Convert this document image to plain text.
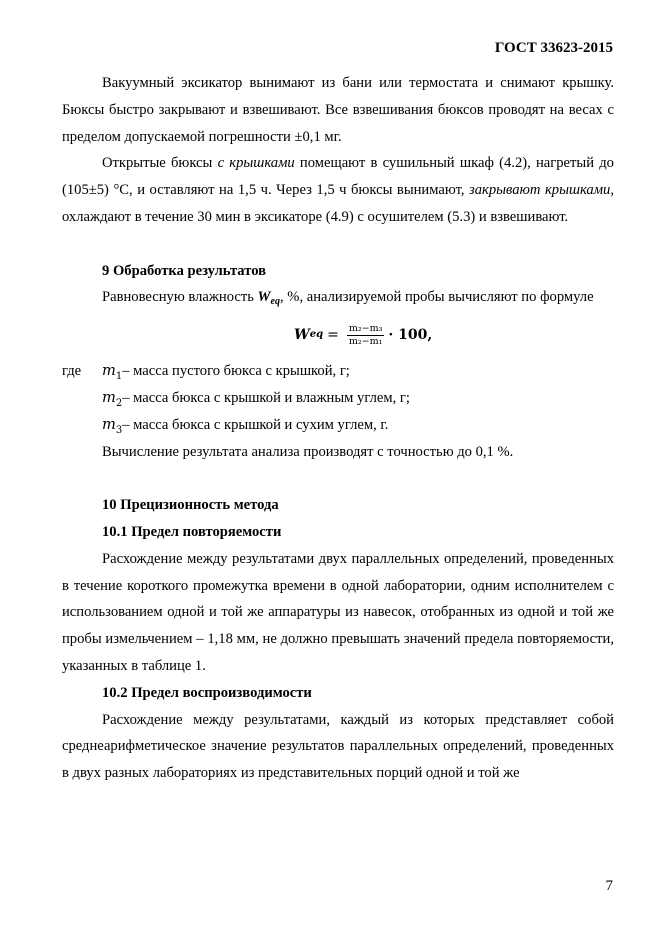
ГОСТ 33623-2015

Вакуумный эксикатор вынимают из бани или термостата и снимают крышку. Бюксы быстро закрывают и взвешивают. Все взвешивания бюксов проводят на весах с пределом допускаемой погрешности ±0,1 мг.

Открытые бюксы с крышками помещают в сушильный шкаф (4.2), нагретый до (105±5) °С, и оставляют на 1,5 ч. Через 1,5 ч бюксы вынимают, закрывают крышками, охлаждают в течение 30 мин в эксикаторе (4.9) с осушителем (5.3) и взвешивают.

9 Обработка результатов

Равновесную влажность $W_{eq}$, %, анализируемой пробы вычисляют по формуле

W eq = $\frac{\text{m₂−m₃}}{\text{m₂−m₁}} \cdot 100$,
где	$m_1$ – масса пустого бюкса с крышкой, г;
$m_2$ – масса бюкса с крышкой и влажным углем, г;
$m_3$ – масса бюкса с крышкой и сухим углем, г.

Вычисление результата анализа производят с точностью до 0,1 %.

10 Прецизионность метода
10.1 Предел повторяемости

Расхождение между результатами двух параллельных определений, проведенных в течение короткого промежутка времени в одной лаборатории, одним исполнителем с использованием одной и той же аппаратуры из навесок, отобранных из одной и той же пробы измельчением – 1,18 мм, не должно превышать значений предела повторяемости, указанных в таблице 1.

10.2 Предел воспроизводимости

Расхождение между результатами, каждый из которых представляет собой среднеарифметическое значение результатов параллельных определений, проведенных в двух разных лабораториях из представительных порций одной и той же

7
